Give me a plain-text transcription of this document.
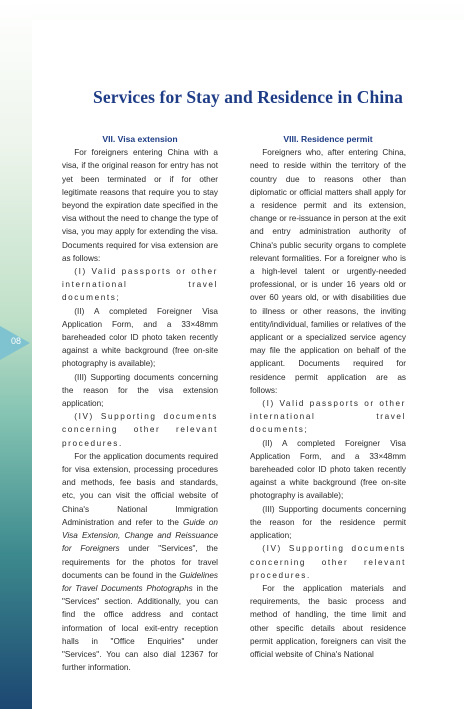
08
Services for Stay and Residence in China
VII. Visa extension

For foreigners entering China with a visa, if the original reason for entry has not yet been terminated or if for other legitimate reasons that require you to stay beyond the expiration date specified in the visa without the need to change the type of visa, you may apply for extending the visa. Documents required for visa extension are as follows:

(I) Valid passports or other international travel documents;

(II) A completed Foreigner Visa Application Form, and a 33×48mm bareheaded color ID photo taken recently against a white background (free on-site photography is available);

(III) Supporting documents concerning the reason for the visa extension application;

(IV) Supporting documents concerning other relevant procedures.

For the application documents required for visa extension, processing procedures and methods, fee basis and standards, etc, you can visit the official website of China's National Immigration Administration and refer to the Guide on Visa Extension, Change and Reissuance for Foreigners under "Services", the requirements for the photos for travel documents can be found in the Guidelines for Travel Documents Photographs in the "Services" section. Additionally, you can find the office address and contact information of local exit-entry reception halls in "Office Enquiries" under "Services". You can also dial 12367 for further information.

VIII. Residence permit

Foreigners who, after entering China, need to reside within the territory of the country due to reasons other than diplomatic or official matters shall apply for a residence permit and its extension, change or re-issuance in person at the exit and entry administration authority of China's public security organs to complete relevant formalities. For a foreigner who is a high-level talent or urgently-needed professional, or is under 16 years old or over 60 years old, or with disabilities due to illness or other reasons, the inviting entity/individual, families or relatives of the applicant or a specialized service agency may file the application on behalf of the applicant. Documents required for residence permit application are as follows:

(I) Valid passports or other international travel documents;

(II) A completed Foreigner Visa Application Form, and a 33×48mm bareheaded color ID photo taken recently against a white background (free on-site photography is available);

(III) Supporting documents concerning the reason for the residence permit application;

(IV) Supporting documents concerning other relevant procedures.

For the application materials and requirements, the basic process and method of handling, the time limit and other specific details about residence permit application, foreigners can visit the official website of China's National
